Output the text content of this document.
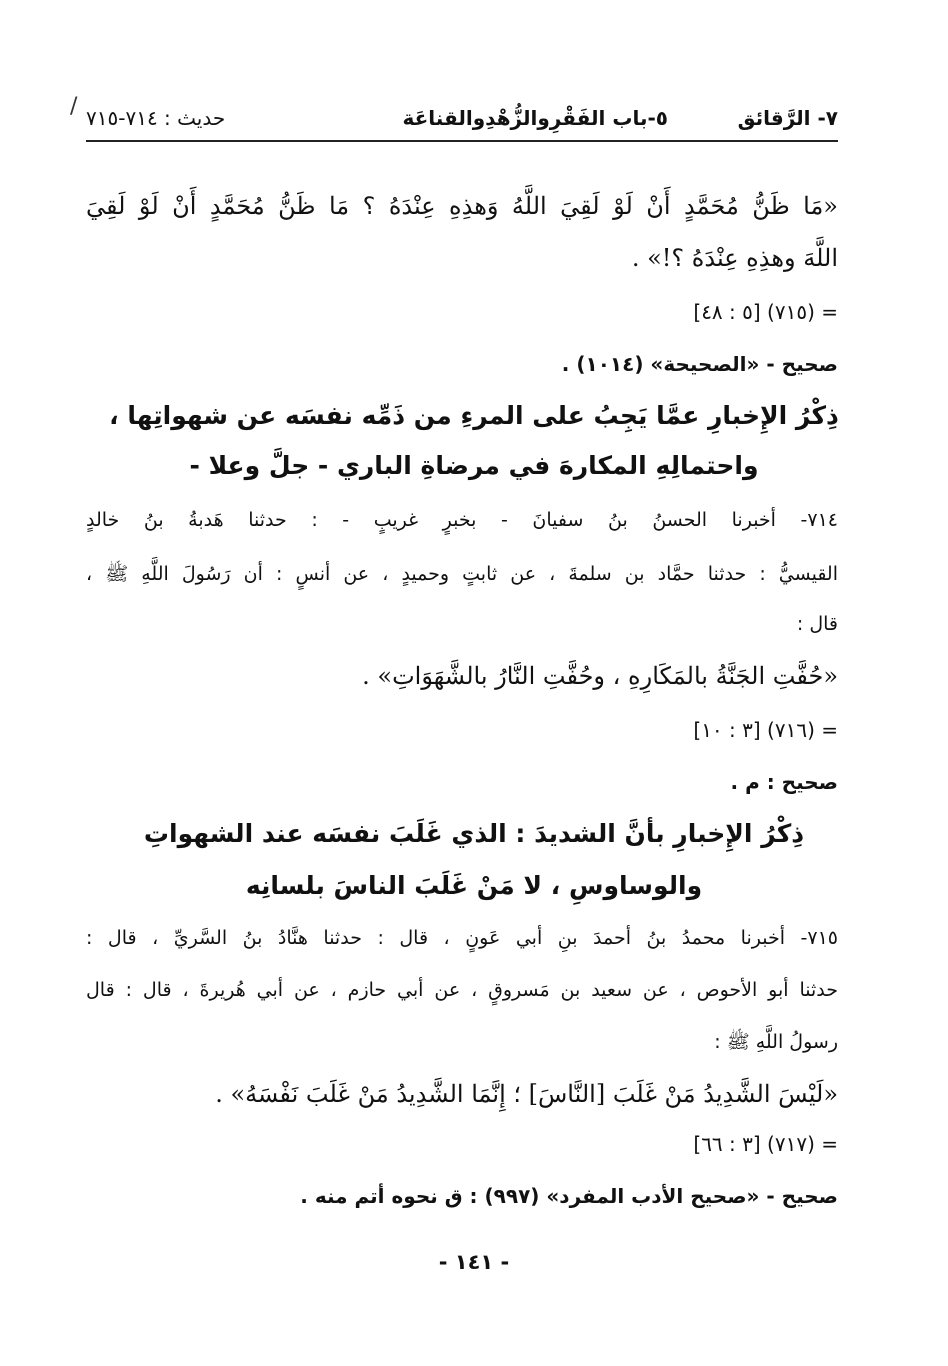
٧- الرَّقائق
٥-باب الفَقْرِوالزُّهْدِوالقناعَة
حديث : ٧١٤-٧١٥
/
«مَا ظَنُّ مُحَمَّدٍ أَنْ لَوْ لَقِيَ اللَّهُ وَهذِهِ عِنْدَهُ ؟ مَا ظَنُّ مُحَمَّدٍ أَنْ لَوْ لَقِيَ
اللَّهَ وهذِهِ عِنْدَهُ ؟!» .
= (٧١٥) [٥ : ٤٨]
صحيح - «الصحيحة» (١٠١٤) .
ذِكْرُ الإِخبارِ عمَّا يَجِبُ على المرءِ من ذَمِّه نفسَه عن شهواتِها ،
واحتمالِهِ المكارهَ في مرضاةِ الباري - جلَّ وعلا -
٧١٤- أخبرنا الحسنُ بنُ سفيانَ - بخبرٍ غريبٍ - : حدثنا هَدبةُ بنُ خالدٍ
القيسيُّ : حدثنا حمَّاد بن سلمةَ ، عن ثابتٍ وحميدٍ ، عن أنسٍ : أن رَسُولَ اللَّهِ ﷺ ،
قال :
«حُفَّتِ الجَنَّةُ بالمَكَارِهِ ، وحُفَّتِ النَّارُ بالشَّهَوَاتِ» .
= (٧١٦) [٣ : ١٠]
صحيح : م .
ذِكْرُ الإِخبارِ بأنَّ الشديدَ : الذي غَلَبَ نفسَه عند الشهواتِ
والوساوسِ ، لا مَنْ غَلَبَ الناسَ بلسانِه
٧١٥- أخبرنا محمدُ بنُ أحمدَ بنِ أبي عَونٍ ، قال : حدثنا هنَّادُ بنُ السَّريِّ ، قال :
حدثنا أبو الأحوص ، عن سعيد بن مَسروقٍ ، عن أبي حازم ، عن أبي هُريرةَ ، قال : قال
رسولُ اللَّهِ ﷺ :
«لَيْسَ الشَّدِيدُ مَنْ غَلَبَ [النَّاسَ] ؛ إِنَّمَا الشَّدِيدُ مَنْ غَلَبَ نَفْسَهُ» .
= (٧١٧) [٣ : ٦٦]
صحيح - «صحيح الأدب المفرد» (٩٩٧) : ق نحوه أتم منه .
- ١٤١ -
